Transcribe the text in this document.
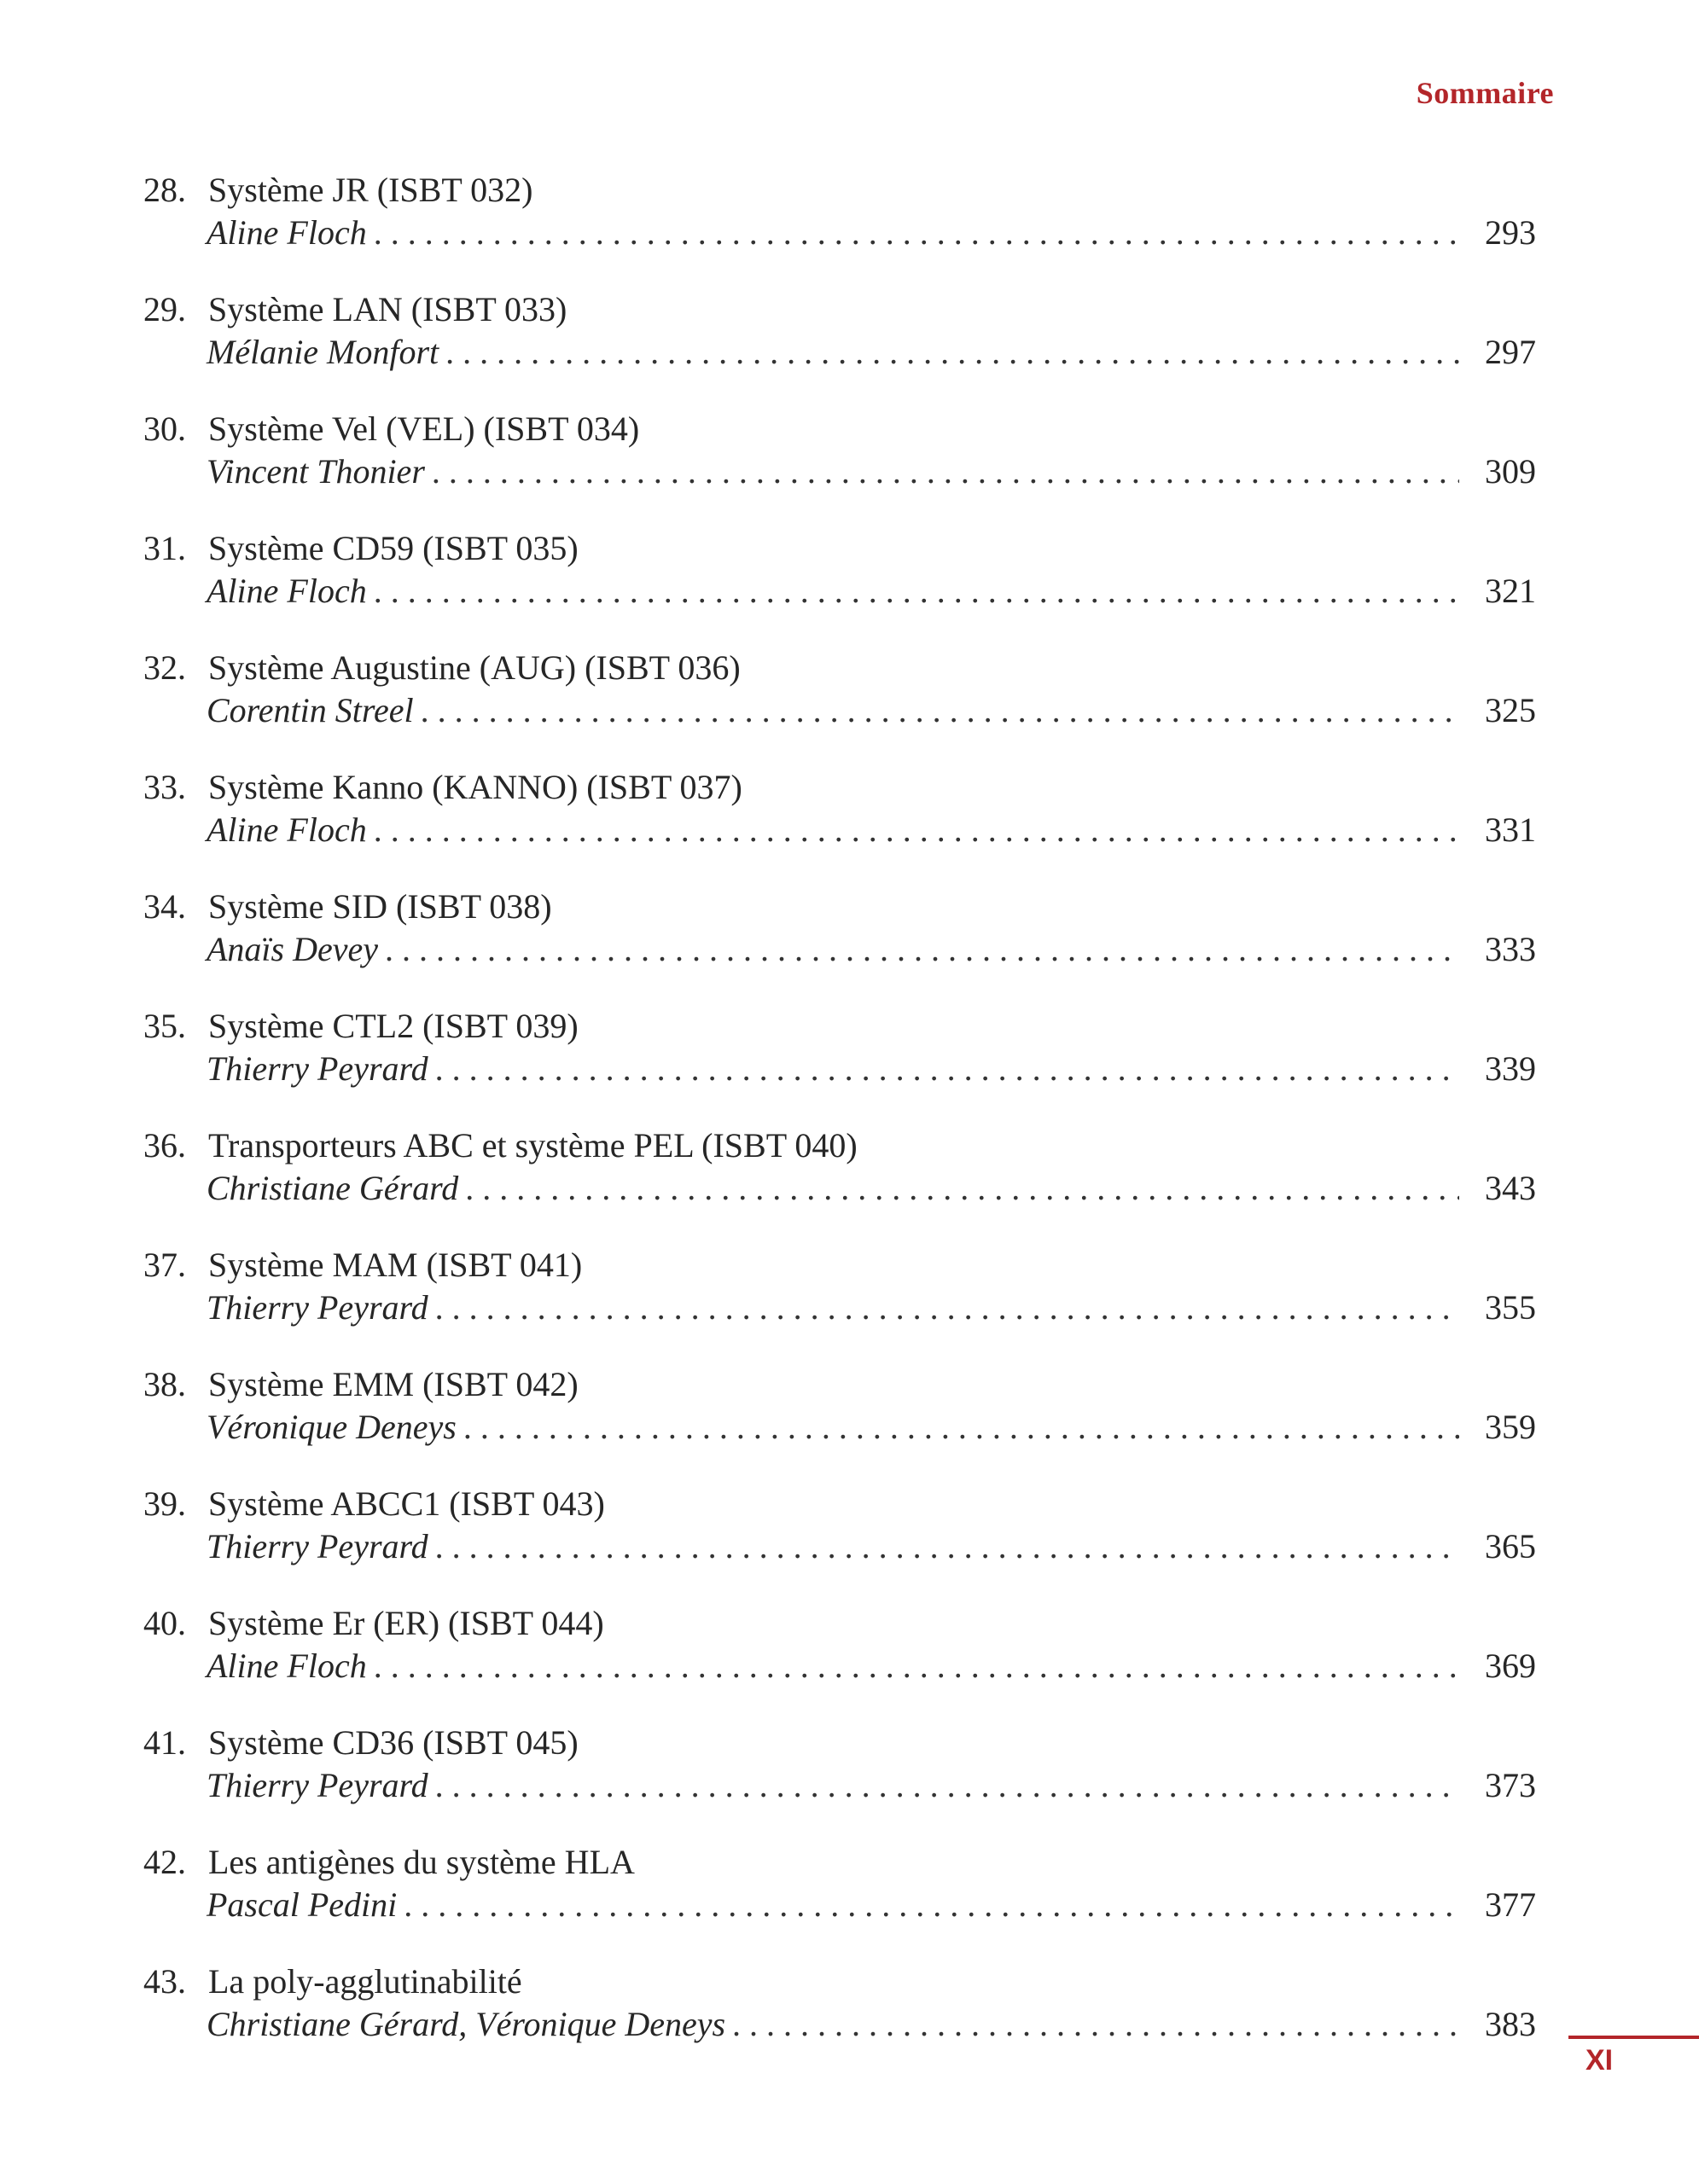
Sommaire
28. Système JR (ISBT 032)
Aline Floch . . .	293
29. Système LAN (ISBT 033)
Mélanie Monfort . . .	297
30. Système Vel (VEL) (ISBT 034)
Vincent Thonier . . .	309
31. Système CD59 (ISBT 035)
Aline Floch . . .	321
32. Système Augustine (AUG) (ISBT 036)
Corentin Streel . . .	325
33. Système Kanno (KANNO) (ISBT 037)
Aline Floch . . .	331
34. Système SID (ISBT 038)
Anaïs Devey . . .	333
35. Système CTL2 (ISBT 039)
Thierry Peyrard . . .	339
36. Transporteurs ABC et système PEL (ISBT 040)
Christiane Gérard . . .	343
37. Système MAM (ISBT 041)
Thierry Peyrard . . .	355
38. Système EMM (ISBT 042)
Véronique Deneys . . .	359
39. Système ABCC1 (ISBT 043)
Thierry Peyrard . . .	365
40. Système Er (ER) (ISBT 044)
Aline Floch . . .	369
41. Système CD36 (ISBT 045)
Thierry Peyrard . . .	373
42. Les antigènes du système HLA
Pascal Pedini . . .	377
43. La poly-agglutinabilité
Christiane Gérard, Véronique Deneys . . .	383
XI
